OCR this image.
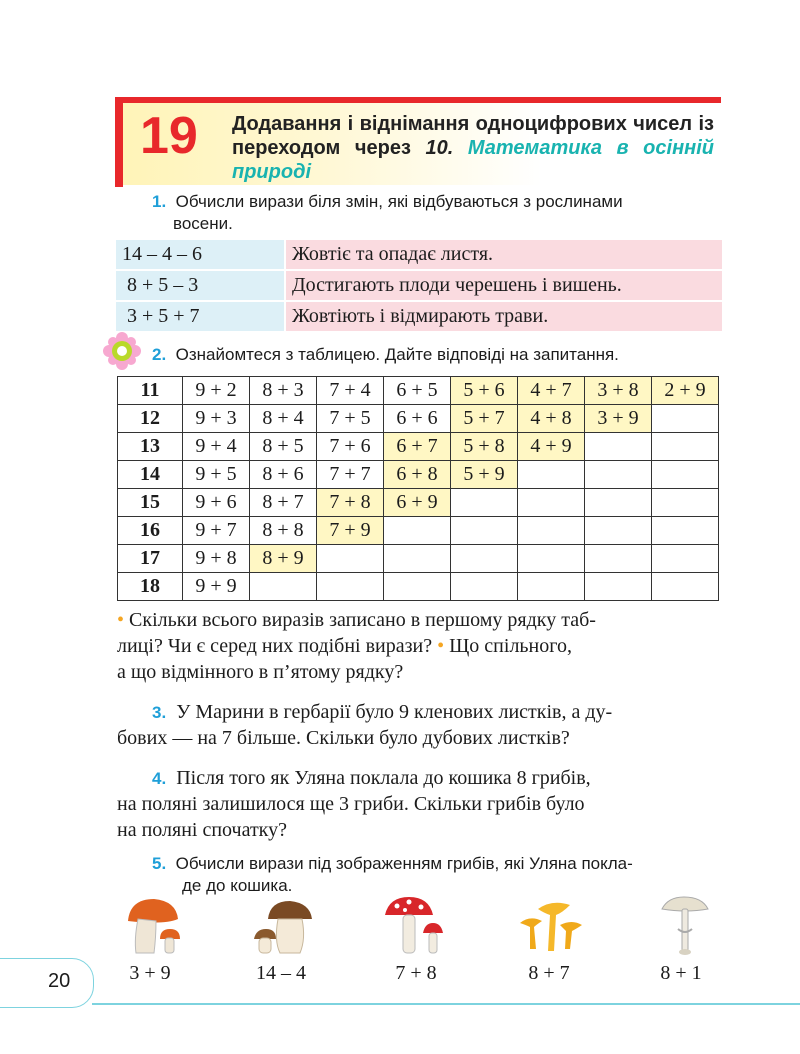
19 Додавання і віднімання одноцифрових чисел із переходом через 10. Математика в осінній природі
1. Обчисли вирази біля змін, які відбуваються з рослинами
восени.
14 – 4 – 6	Жовтіє та опадає листя.
8 + 5 – 3	Достигають плоди черешень і вишень.
3 + 5 + 7	Жовтіють і відмирають трави.
2. Ознайомтеся з таблицею. Дайте відповіді на запитання.
11	9 + 2	8 + 3	7 + 4	6 + 5	5 + 6	4 + 7	3 + 8	2 + 9
12	9 + 3	8 + 4	7 + 5	6 + 6	5 + 7	4 + 8	3 + 9	
13	9 + 4	8 + 5	7 + 6	6 + 7	5 + 8	4 + 9		
14	9 + 5	8 + 6	7 + 7	6 + 8	5 + 9			
15	9 + 6	8 + 7	7 + 8	6 + 9				
16	9 + 7	8 + 8	7 + 9					
17	9 + 8	8 + 9						
18	9 + 9							
• Скільки всього виразів записано в першому рядку таб-
лиці? Чи є серед них подібні вирази? • Що спільного,
а що відмінного в п’ятому рядку?
3. У Марини в гербарії було 9 кленових листків, а ду-
бових — на 7 більше. Скільки було дубових листків?
4. Після того як Уляна поклала до кошика 8 грибів,
на поляні залишилося ще 3 гриби. Скільки грибів було
на поляні спочатку?
5. Обчисли вирази під зображенням грибів, які Уляна покла-
де до кошика.
3 + 9	14 – 4	7 + 8	8 + 7	8 + 1
20
